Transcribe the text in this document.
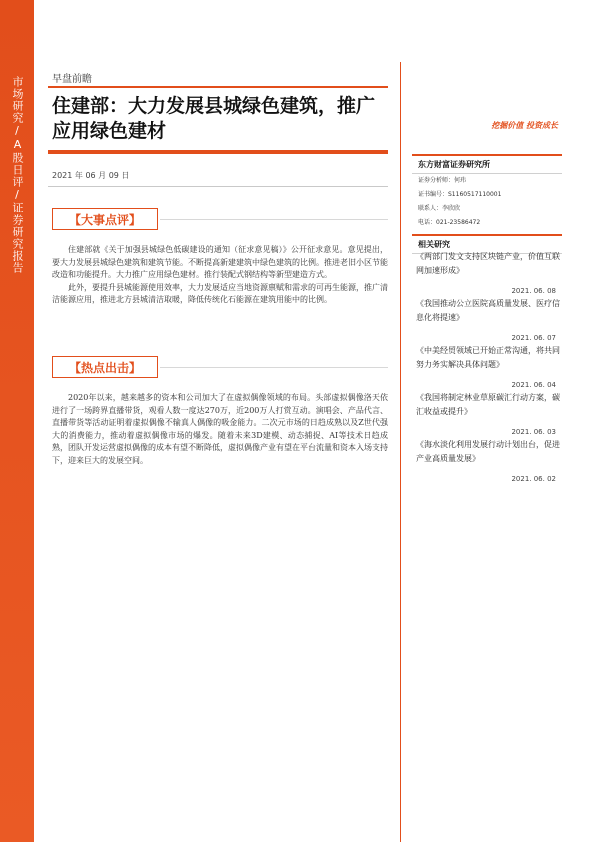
市场研究
/
A股日评
/
证券研究报告
早盘前瞻
住建部：大力发展县城绿色建筑，推广应用绿色建材
2021 年 06 月 09 日
【大事点评】

住建部就《关于加强县城绿色低碳建设的通知（征求意见稿）》公开征求意见。意见提出，要大力发展县城绿色建筑和建筑节能。不断提高新建建筑中绿色建筑的比例。推进老旧小区节能改造和功能提升。大力推广应用绿色建材。推行装配式钢结构等新型建造方式。

此外，要提升县城能源使用效率，大力发展适应当地资源禀赋和需求的可再生能源，推广清洁能源应用，推进北方县城清洁取暖，降低传统化石能源在建筑用能中的比例。

【热点出击】

2020年以来，越来越多的资本和公司加大了在虚拟偶像领域的布局。头部虚拟偶像洛天依进行了一场跨界直播带货，观看人数一度达270万，近200万人打赏互动。演唱会、产品代言、直播带货等活动证明着虚拟偶像不输真人偶像的吸金能力。二次元市场的日趋成熟以及Z世代强大的消费能力，推动着虚拟偶像市场的爆发。随着未来3D建模、动态捕捉、AI等技术日趋成熟，团队开发运营虚拟偶像的成本有望不断降低，虚拟偶像产业有望在平台流量和资本入场支持下，迎来巨大的发展空间。

挖掘价值 投资成长
东方财富证券研究所
证券分析师：何玮
证书编号：S1160517110001
联系人：李欣欣
电话：021-23586472
相关研究
《两部门发文支持区块链产业，价值互联网加速形成》
2021. 06. 08
《我国推动公立医院高质量发展、医疗信息化将提速》
2021. 06. 07
《中美经贸领域已开始正常沟通，将共同努力务实解决具体问题》
2021. 06. 04
《我国将制定林业草原碳汇行动方案，碳汇收益或提升》
2021. 06. 03
《海水淡化利用发展行动计划出台，促进产业高质量发展》
2021. 06. 02
